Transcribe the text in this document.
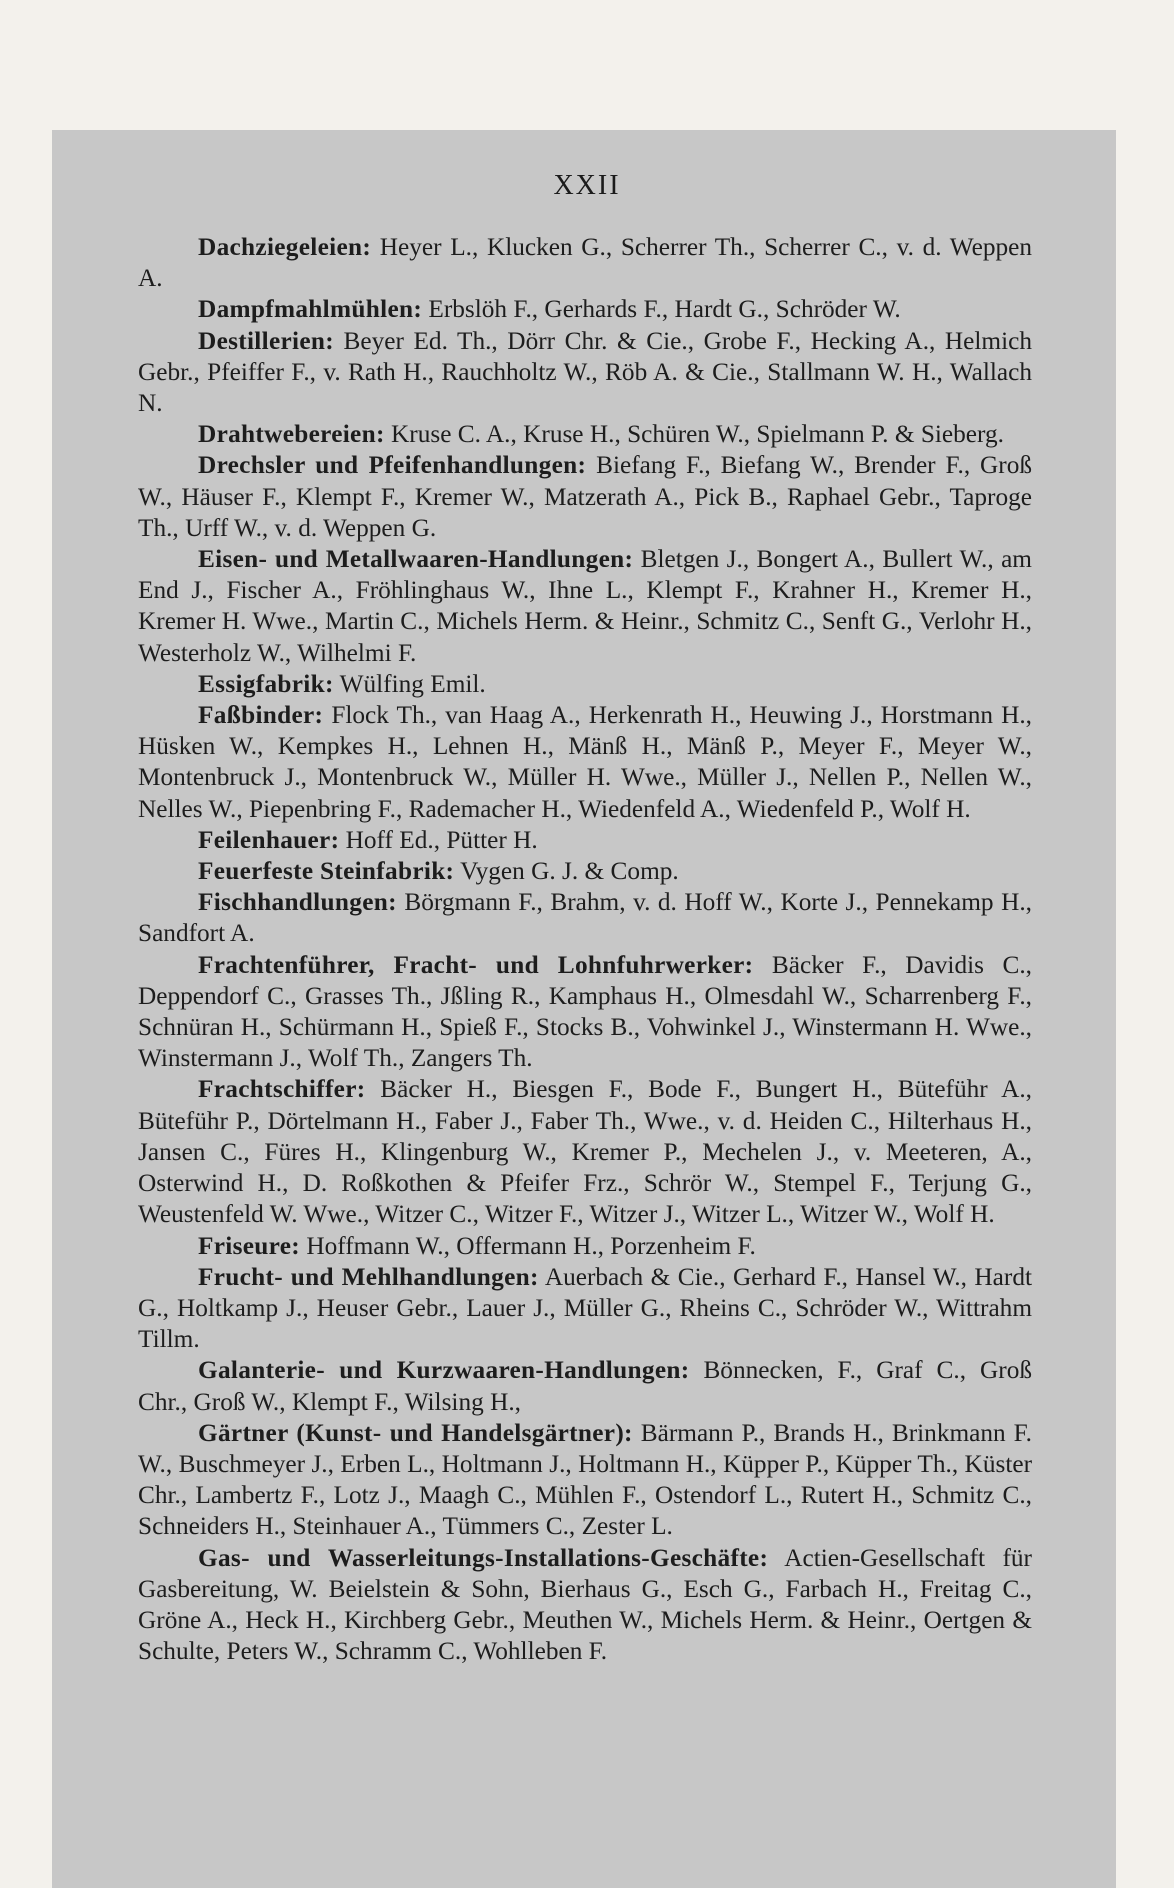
XXII

Dachziegeleien: Heyer L., Klucken G., Scherrer Th., Scherrer C., v. d. Weppen A.

Dampfmahlmühlen: Erbslöh F., Gerhards F., Hardt G., Schröder W.

Destillerien: Beyer Ed. Th., Dörr Chr. & Cie., Grobe F., Hecking A., Helmich Gebr., Pfeiffer F., v. Rath H., Rauchholtz W., Röb A. & Cie., Stallmann W. H., Wallach N.

Drahtwebereien: Kruse C. A., Kruse H., Schüren W., Spielmann P. & Sieberg.

Drechsler und Pfeifenhandlungen: Biefang F., Biefang W., Brender F., Groß W., Häuser F., Klempt F., Kremer W., Matzerath A., Pick B., Raphael Gebr., Taproge Th., Urff W., v. d. Weppen G.

Eisen- und Metallwaaren-Handlungen: Bletgen J., Bongert A., Bullert W., am End J., Fischer A., Fröhlinghaus W., Ihne L., Klempt F., Krahner H., Kremer H., Kremer H. Wwe., Martin C., Michels Herm. & Heinr., Schmitz C., Senft G., Verlohr H., Westerholz W., Wilhelmi F.

Essigfabrik: Wülfing Emil.

Faßbinder: Flock Th., van Haag A., Herkenrath H., Heuwing J., Horstmann H., Hüsken W., Kempkes H., Lehnen H., Mänß H., Mänß P., Meyer F., Meyer W., Montenbruck J., Montenbruck W., Müller H. Wwe., Müller J., Nellen P., Nellen W., Nelles W., Piepenbring F., Rademacher H., Wiedenfeld A., Wiedenfeld P., Wolf H.

Feilenhauer: Hoff Ed., Pütter H.

Feuerfeste Steinfabrik: Vygen G. J. & Comp.

Fischhandlungen: Börgmann F., Brahm, v. d. Hoff W., Korte J., Pennekamp H., Sandfort A.

Frachtenführer, Fracht- und Lohnfuhrwerker: Bäcker F., Davidis C., Deppendorf C., Grasses Th., Jßling R., Kamphaus H., Olmesdahl W., Scharrenberg F., Schnüran H., Schürmann H., Spieß F., Stocks B., Vohwinkel J., Winstermann H. Wwe., Winstermann J., Wolf Th., Zangers Th.

Frachtschiffer: Bäcker H., Biesgen F., Bode F., Bungert H., Büteführ A., Büteführ P., Dörtelmann H., Faber J., Faber Th., Wwe., v. d. Heiden C., Hilterhaus H., Jansen C., Füres H., Klingenburg W., Kremer P., Mechelen J., v. Meeteren, A., Osterwind H., D. Roßkothen & Pfeifer Frz., Schrör W., Stempel F., Terjung G., Weustenfeld W. Wwe., Witzer C., Witzer F., Witzer J., Witzer L., Witzer W., Wolf H.

Friseure: Hoffmann W., Offermann H., Porzenheim F.

Frucht- und Mehlhandlungen: Auerbach & Cie., Gerhard F., Hansel W., Hardt G., Holtkamp J., Heuser Gebr., Lauer J., Müller G., Rheins C., Schröder W., Wittrahm Tillm.

Galanterie- und Kurzwaaren-Handlungen: Bönnecken, F., Graf C., Groß Chr., Groß W., Klempt F., Wilsing H.,

Gärtner (Kunst- und Handelsgärtner): Bärmann P., Brands H., Brinkmann F. W., Buschmeyer J., Erben L., Holtmann J., Holtmann H., Küpper P., Küpper Th., Küster Chr., Lambertz F., Lotz J., Maagh C., Mühlen F., Ostendorf L., Rutert H., Schmitz C., Schneiders H., Steinhauer A., Tümmers C., Zester L.

Gas- und Wasserleitungs-Installations-Geschäfte: Actien-Gesellschaft für Gasbereitung, W. Beielstein & Sohn, Bierhaus G., Esch G., Farbach H., Freitag C., Gröne A., Heck H., Kirchberg Gebr., Meuthen W., Michels Herm. & Heinr., Oertgen & Schulte, Peters W., Schramm C., Wohlleben F.
